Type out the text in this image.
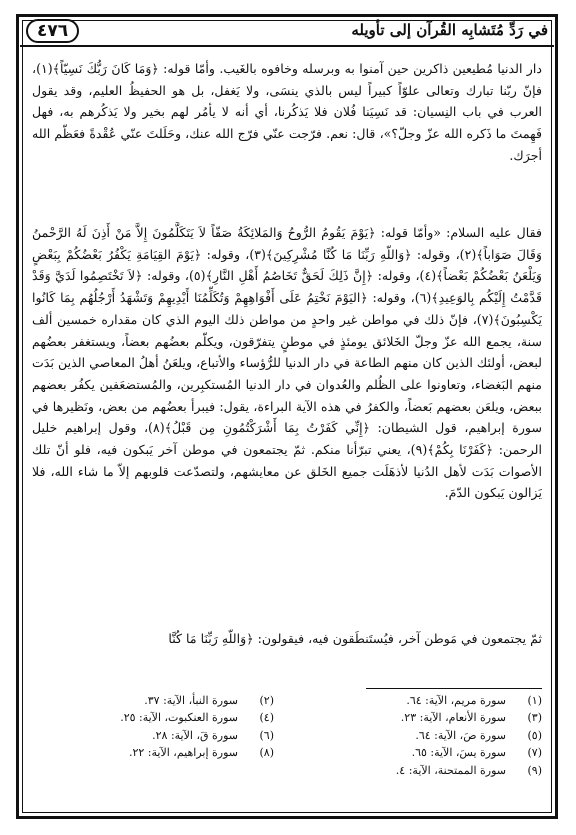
في رَدِّ مُتَشابِه القُرآن إلى تأويله
٤٧٦

دار الدنيا مُطيعين ذاكرين حين آمنوا به وبرسله وخافوه بالغَيب. وأمّا قوله: ﴿وَمَا كَانَ رَبُّكَ نَسِيّاً﴾(١)، فإنّ ربّنا تبارك وتعالى علوّاً كبيراً ليس بالذي ينسَى، ولا يَغفل، بل هو الحفيظُ العليم، وقد يقول العرب في باب النِسيان: قد نَسِيَنا فُلان فلا يَذكُرنا، أي أنه لا يأمُر لهم بخير ولا يَذكُرهم به، فهل فَهِمتَ ما ذَكره الله عزّ وجلّ؟»، قال: نعم. فرّجت عنّي فرّج الله عنك، وحَلَلتَ عنّي عُقْدةً فعَظّم الله أجرَك.

فقال عليه السلام: «وأمّا قوله: ﴿يَوْمَ يَقُومُ الرُّوحُ وَالمَلائِكَةُ صَفّاً لاَ يَتَكَلَّمُونَ إِلاَّ مَنْ أَذِنَ لَهُ الرَّحْمنُ وَقَالَ صَوَاباً﴾(٢)، وقوله: ﴿وَاللّهِ رَبِّنَا مَا كُنَّا مُشْرِكِينَ﴾(٣)، وقوله: ﴿يَوْمَ القِيَامَةِ يَكْفُرُ بَعْضُكُمْ بِبَعْضٍ وَيَلْعَنُ بَعْضُكُمْ بَعْضاً﴾(٤)، وقوله: ﴿إِنَّ ذَلِكَ لَحَقٌّ تَخَاصُمُ أَهْلِ النَّارِ﴾(٥)، وقوله: ﴿لاَ تَخْتَصِمُوا لَدَيَّ وَقَدْ قَدَّمْتُ إِلَيْكُم بِالوَعِيدِ﴾(٦)، وقوله: ﴿اليَوْمَ نَخْتِمُ عَلَى أَفْوَاهِهِمْ وَتُكَلِّمُنَا أَيْدِيهِمْ وَتَشْهَدُ أَرْجُلُهُم بِمَا كَانُوا يَكْسِبُونَ﴾(٧)، فإنّ ذلك في مواطن غير واحدٍ من مواطن ذلك اليوم الذي كان مقداره خمسين ألف سنة، يجمع الله عزّ وجلّ الخَلائق يومئذٍ في موطنٍ يتفرّقون، ويكلّم بعضُهم بعضاً، ويستغفر بعضُهم لبعض، أولئك الذين كان منهم الطاعة في دار الدنيا للرُّؤساء والأتباع، ويلعَنُ أهلُ المعاصي الذين بَدَت منهم البَغضاء، وتعاونوا على الظُلم والعُدوان في دار الدنيا المُستكبِرين، والمُستضعَفين يكفُر بعضهم ببعض، ويلعَن بعضهم بَعضاً، والكفرُ في هذه الآية البراءة، يقول: فيبرأ بعضُهم من بعض، ونَظيرها في سورة إبراهيم، قول الشيطان: ﴿إِنِّي كَفَرْتُ بِمَا أَشْرَكْتُمُونِ مِن قَبْلُ﴾(٨)، وقول إبراهيم خليل الرحمن: ﴿كَفَرْنَا بِكُمْ﴾(٩)، يعني تبرّأنا منكم. ثمّ يجتمعون في موطن آخر يَبكون فيه، فلو أنّ تلك الأصوات بَدَت لأهل الدُنيا لأذهَلَت جميع الخَلق عن معايشهم، ولتصدّعت قلوبهم إلاّ ما شاء الله، فلا يَزالون يَبكون الدّمَ.

ثمّ يجتمعون في مَوطن آخر، فيُستَنطَقون فيه، فيقولون: ﴿وَاللّهِ رَبِّنَا مَا كُنَّا

(١)سورة مريم، الآية: ٦٤.
(٣)سورة الأنعام، الآية: ٢٣.
(٥)سورة صَ، الآية: ٦٤.
(٧)سورة يسَ، الآية: ٦٥.
(٩)سورة الممتحنة، الآية: ٤.
(٢)سورة النبأ، الآية: ٣٧.
(٤)سورة العنكبوت، الآية: ٢٥.
(٦)سورة قَ، الآية: ٢٨.
(٨)سورة إبراهيم، الآية: ٢٢.
